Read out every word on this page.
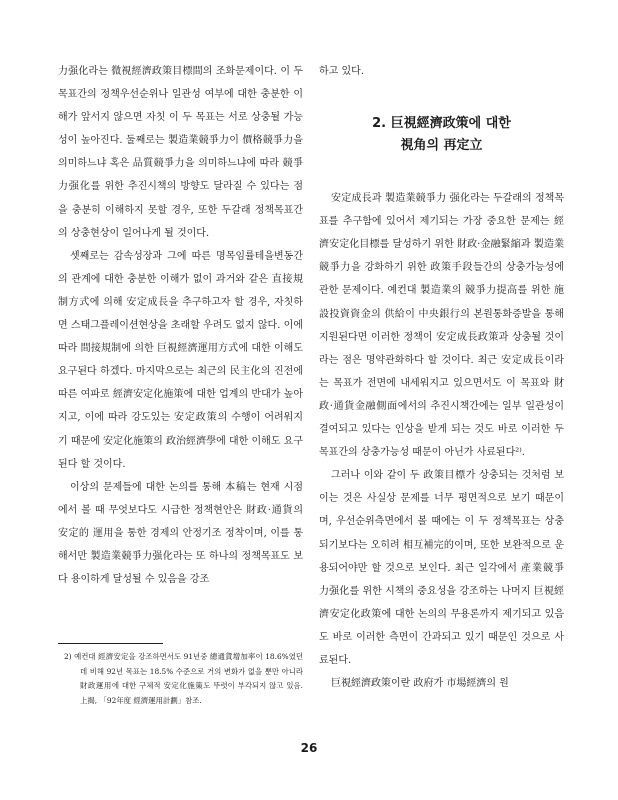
力强化라는 微視經濟政策目標間의 조화문제이다. 이 두 목표간의 정책우선순위나 일관성 여부에 대한 충분한 이해가 앞서지 않으면 자칫 이 두 목표는 서로 상충될 가능성이 높아진다. 둘째로는 製造業競爭力이 價格競爭力을 의미하느냐 혹은 品質競爭力을 의미하느냐에 따라 競爭力强化를 위한 추진시책의 방향도 달라질 수 있다는 점을 충분히 이해하지 못할 경우, 또한 두갈래 정책목표간의 상충현상이 일어나게 될 것이다.

셋째로는 감속성장과 그에 따른 명목임률테을변동간의 관계에 대한 충분한 이해가 없이 과거와 같은 直接規制方式에 의해 安定成長을 추구하고자 할 경우, 자칫하면 스태그플레이션현상을 초래할 우려도 없지 않다. 이에 따라 間接規制에 의한 巨視經濟運用方式에 대한 이해도 요구된다 하겠다. 마지막으로는 최근의 民主化의 진전에 따른 여파로 經濟安定化施策에 대한 업계의 반대가 높아지고, 이에 따라 강도있는 安定政策의 수행이 어려워지기 때문에 安定化施策의 政治經濟學에 대한 이해도 요구된다 할 것이다.

이상의 문제들에 대한 논의를 통해 本稿는 현재 시점에서 볼 때 무엇보다도 시급한 정책현안은 財政·通貨의 安定的 運用을 통한 경제의 안정기조 정착이며, 이를 통해서만 製造業競爭力强化라는 또 하나의 정책목표도 보다 용이하게 달성될 수 있음을 강조

하고 있다.

2. 巨視經濟政策에 대한
視角의 再定立

安定成長과 製造業競爭力 强化라는 두갈래의 정책목표를 추구함에 있어서 제기되는 가장 중요한 문제는 經濟安定化目標를 달성하기 위한 財政·金融緊縮과 製造業競爭力을 강화하기 위한 政策手段들간의 상충가능성에 관한 문제이다. 예컨대 製造業의 競爭力提高를 위한 施設投資資金의 供給이 中央銀行의 본원통화증발을 통해 지원된다면 이러한 정책이 安定成長政策과 상충될 것이라는 점은 명약관화하다 할 것이다. 최근 安定成長이라는 목표가 전면에 내세워지고 있으면서도 이 목표와 財政·通貨金融側面에서의 추진시책간에는 일부 일관성이 결여되고 있다는 인상을 받게 되는 것도 바로 이러한 두 목표간의 상충가능성 때문이 아닌가 사료된다²⁾.

그러나 이와 같이 두 政策目標가 상충되는 것처럼 보이는 것은 사실상 문제를 너무 평면적으로 보기 때문이며, 우선순위측면에서 볼 때에는 이 두 정책목표는 상충되기보다는 오히려 相互補完的이며, 또한 보완적으로 운용되어야만 할 것으로 보인다. 최근 일각에서 產業競爭力强化를 위한 시책의 중요성을 강조하는 나머지 巨視經濟安定化政策에 대한 논의의 무용론까지 제기되고 있음도 바로 이러한 측면이 간과되고 있기 때문인 것으로 사료된다.

巨視經濟政策이란 政府가 市場經濟의 원

2) 예컨대 經濟安定을 강조하면서도 91년중 總通貨增加率이 18.6%였던 데 비해 92년 목표는 18.5% 수준으로 거의 변화가 없을 뿐만 아니라 財政運用에 대한 구체적 安定化施策도 뚜렷이 부각되지 않고 있음. 上揭, 「92年度 經濟運用計劃」참조.

26
